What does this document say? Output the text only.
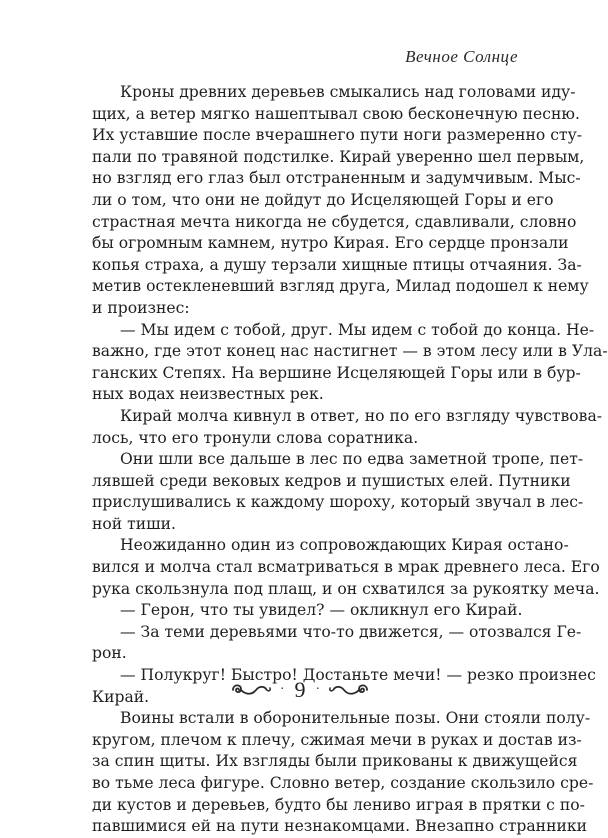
Вечное Солнце
Кроны древних деревьев смыкались над головами иду-
щих, а ветер мягко нашептывал свою бесконечную песню.
Их уставшие после вчерашнего пути ноги размеренно сту-
пали по травяной подстилке. Кирай уверенно шел первым,
но взгляд его глаз был отстраненным и задумчивым. Мыс-
ли о том, что они не дойдут до Исцеляющей Горы и его
страстная мечта никогда не сбудется, сдавливали, словно
бы огромным камнем, нутро Кирая. Его сердце пронзали
копья страха, а душу терзали хищные птицы отчаяния. За-
метив остекленевший взгляд друга, Милад подошел к нему
и произнес:
— Мы идем с тобой, друг. Мы идем с тобой до конца. Не-
важно, где этот конец нас настигнет — в этом лесу или в Ула-
ганских Степях. На вершине Исцеляющей Горы или в бур-
ных водах неизвестных рек.
Кирай молча кивнул в ответ, но по его взгляду чувствова-
лось, что его тронули слова соратника.
Они шли все дальше в лес по едва заметной тропе, пет-
лявшей среди вековых кедров и пушистых елей. Путники
прислушивались к каждому шороху, который звучал в лес-
ной тиши.
Неожиданно один из сопровождающих Кирая остано-
вился и молча стал всматриваться в мрак древнего леса. Его
рука скользнула под плащ, и он схватился за рукоятку меча.
— Герон, что ты увидел? — окликнул его Кирай.
— За теми деревьями что-то движется, — отозвался Ге-
рон.
— Полукруг! Быстро! Достаньте мечи! — резко произнес
Кирай.
Воины встали в оборонительные позы. Они стояли полу-
кругом, плечом к плечу, сжимая мечи в руках и достав из-
за спин щиты. Их взгляды были прикованы к движущейся
во тьме леса фигуре. Словно ветер, создание скользило сре-
ди кустов и деревьев, будто бы лениво играя в прятки с по-
павшимися ей на пути незнакомцами. Внезапно странники
· 9 ·
